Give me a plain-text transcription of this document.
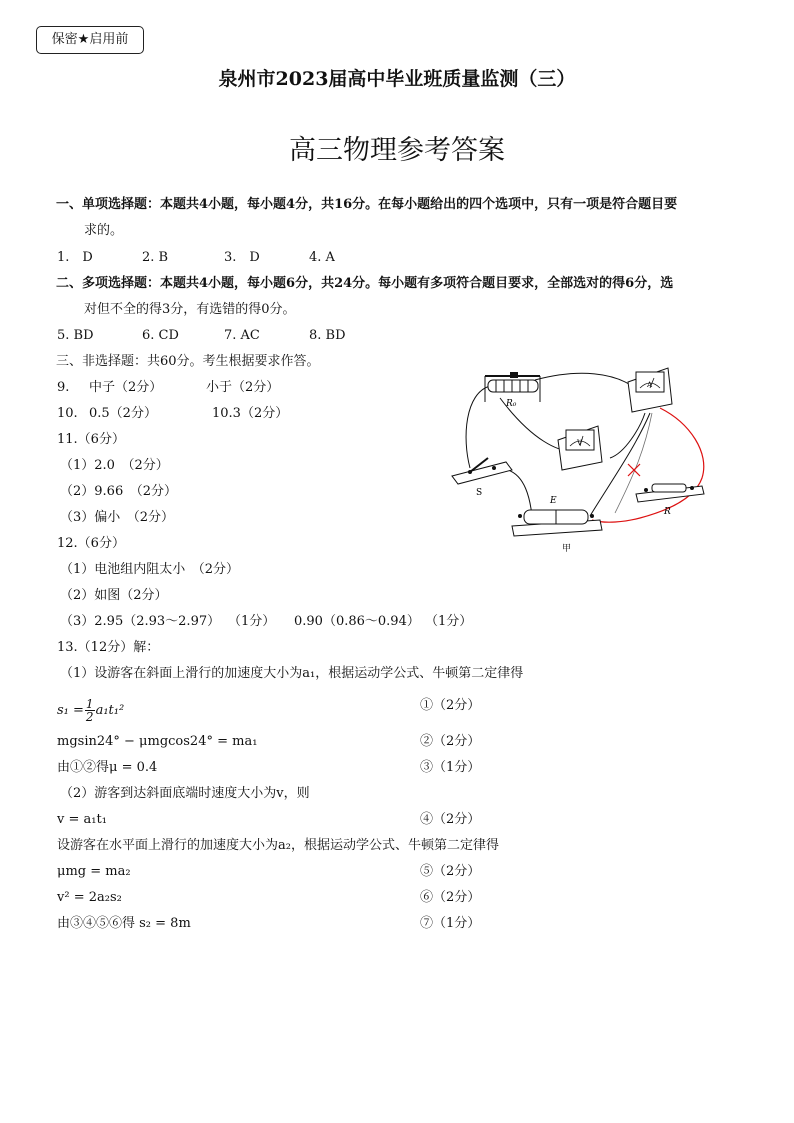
保密★启用前
泉州市2023届高中毕业班质量监测（三）
高三物理参考答案
一、单项选择题：本题共4小题，每小题4分，共16分。在每小题给出的四个选项中，只有一项是符合题目要
求的。
1.　D	2. B	3.　D	4. A
二、多项选择题：本题共4小题，每小题6分，共24分。每小题有多项符合题目要求，全部选对的得6分，选
对但不全的得3分，有选错的得0分。
5. BD	6. CD	7. AC	8. BD
三、非选择题：共60分。考生根据要求作答。
9. 中子（2分）	小于（2分）
10. 0.5（2分）	10.3（2分）
11.（6分）
（1）2.0　（2分）
（2）9.66　（2分）
（3）偏小　（2分）
12.（6分）
（1）电池组内阻太小　（2分）
（2）如图（2分）
（3）2.95（2.93～2.97） （1分） 0.90（0.86～0.94） （1分）
13.（12分）解：
（1）设游客在斜面上滑行的加速度大小为a₁，根据运动学公式、牛顿第二定律得
$s_1 = \frac{1}{2} a_1t_1^2$	①（2分）
mgsin24° − μmgcos24° = ma₁	②（2分）
由①②得μ = 0.4	③（1分）
（2）游客到达斜面底端时速度大小为v，则
v = a₁t₁	④（2分）
设游客在水平面上滑行的加速度大小为a₂，根据运动学公式、牛顿第二定律得
μmg = ma₂	⑤（2分）
v² = 2a₂s₂	⑥（2分）
由③④⑤⑥得 s₂ = 8m	⑦（1分）
R₀
A
V
S
E
甲
R
